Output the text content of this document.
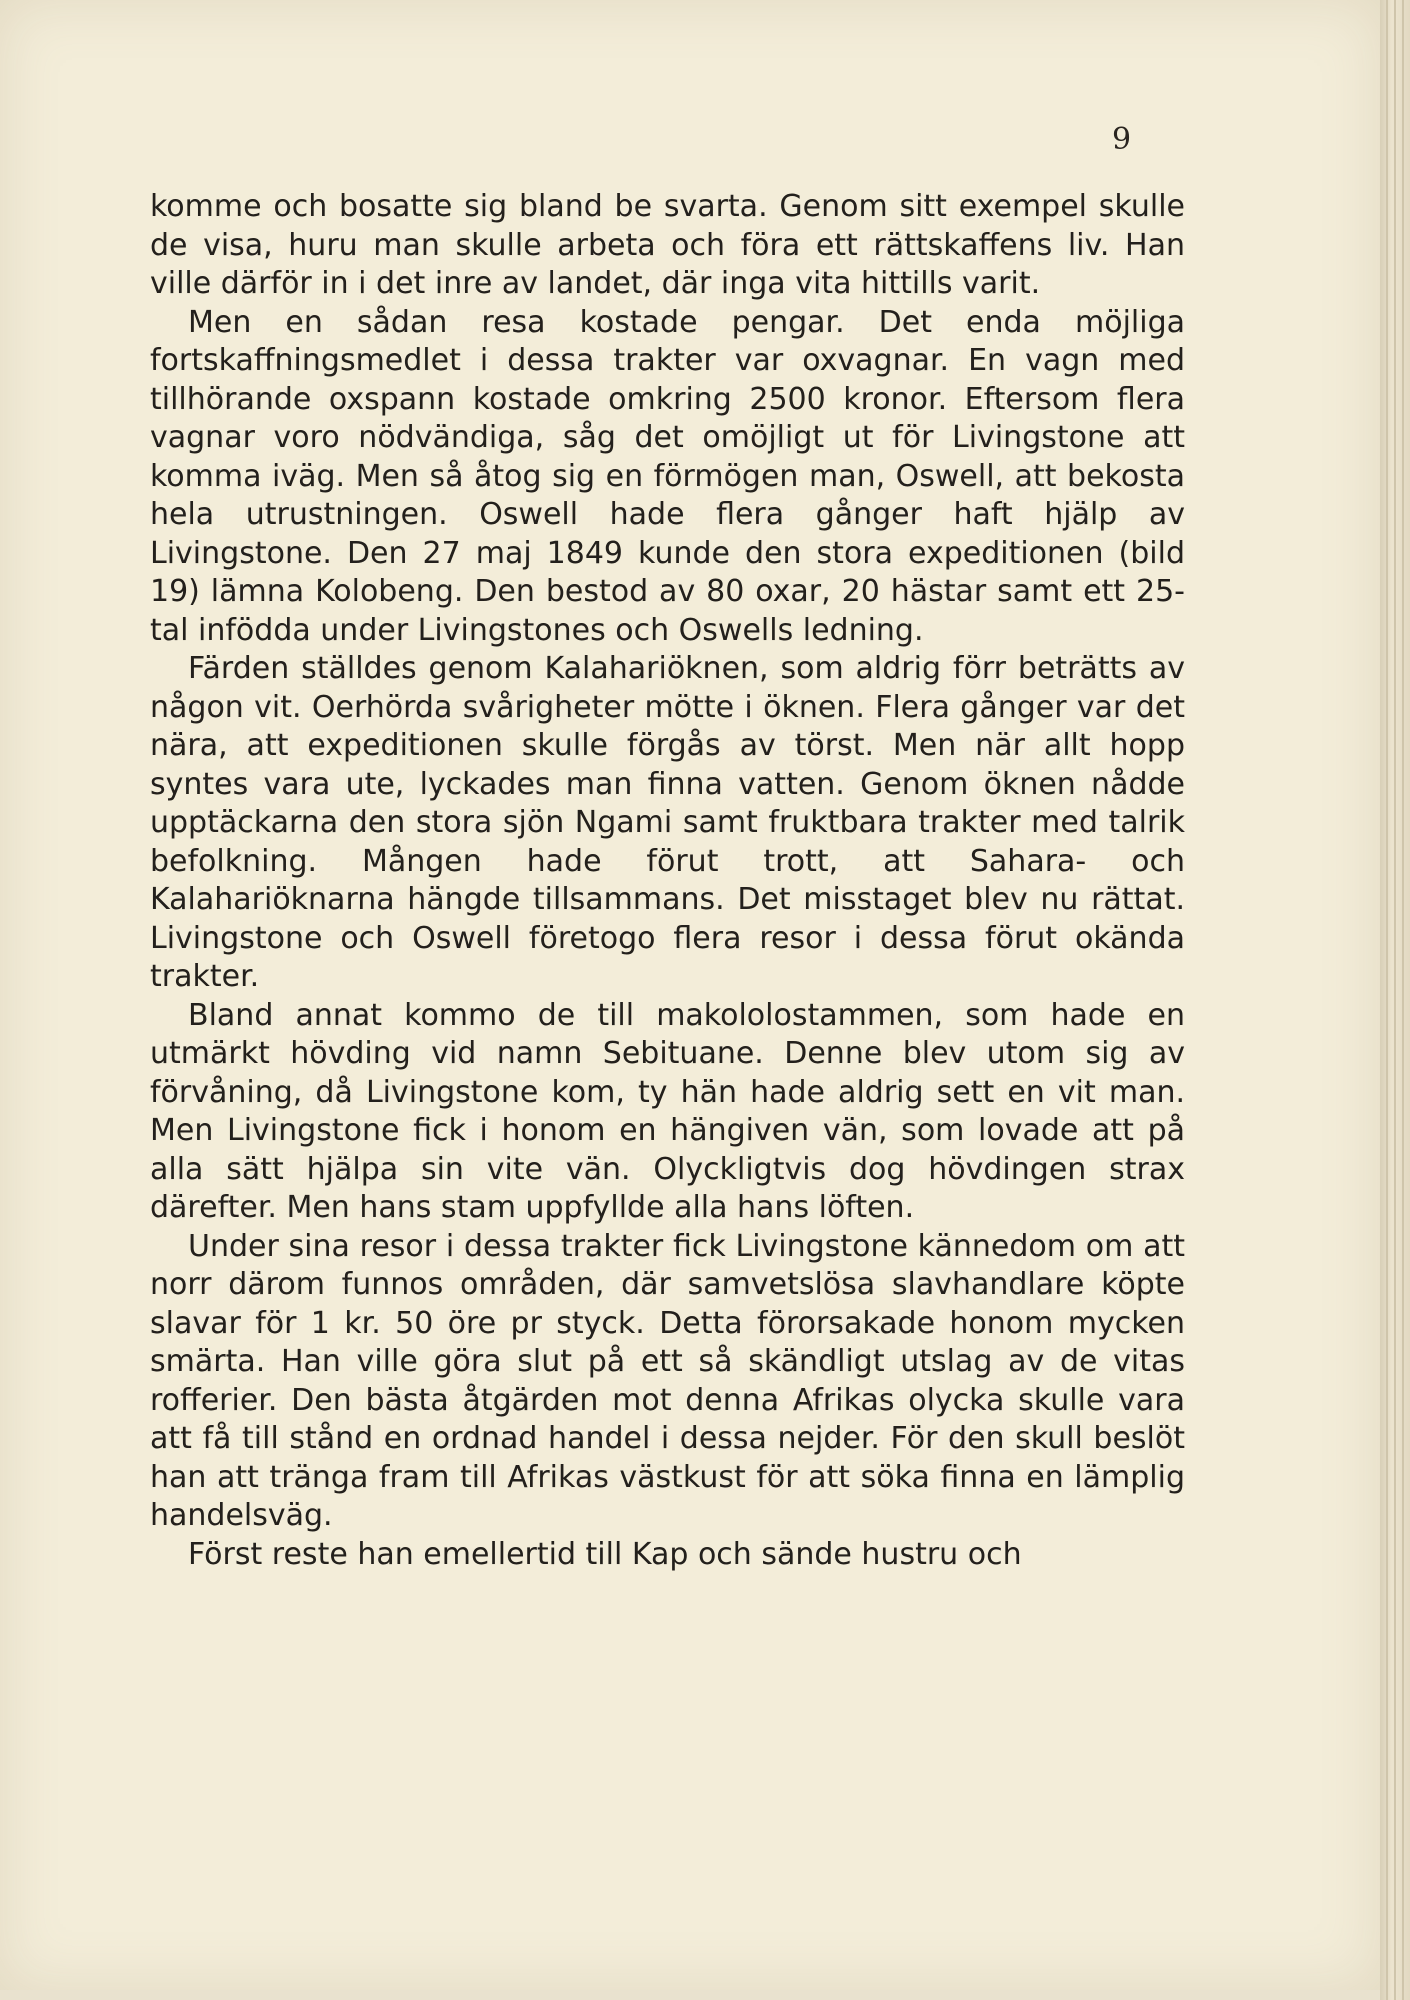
9

komme och bosatte sig bland be svarta. Genom sitt exempel skulle de visa, huru man skulle arbeta och föra ett rättskaffens liv. Han ville därför in i det inre av landet, där inga vita hittills varit.

Men en sådan resa kostade pengar. Det enda möjliga fortskaffningsmedlet i dessa trakter var oxvagnar. En vagn med tillhörande oxspann kostade omkring 2500 kronor. Eftersom flera vagnar voro nödvändiga, såg det omöjligt ut för Livingstone att komma iväg. Men så åtog sig en förmögen man, Oswell, att bekosta hela utrustningen. Oswell hade flera gånger haft hjälp av Livingstone. Den 27 maj 1849 kunde den stora expeditionen (bild 19) lämna Kolobeng. Den bestod av 80 oxar, 20 hästar samt ett 25-tal infödda under Livingstones och Oswells ledning.

Färden ställdes genom Kalahariöknen, som aldrig förr beträtts av någon vit. Oerhörda svårigheter mötte i öknen. Flera gånger var det nära, att expeditionen skulle förgås av törst. Men när allt hopp syntes vara ute, lyckades man finna vatten. Genom öknen nådde upptäckarna den stora sjön Ngami samt fruktbara trakter med talrik befolkning. Mången hade förut trott, att Sahara- och Kalahariöknarna hängde tillsammans. Det misstaget blev nu rättat. Livingstone och Oswell företogo flera resor i dessa förut okända trakter.

Bland annat kommo de till makololostammen, som hade en utmärkt hövding vid namn Sebituane. Denne blev utom sig av förvåning, då Livingstone kom, ty hän hade aldrig sett en vit man. Men Livingstone fick i honom en hängiven vän, som lovade att på alla sätt hjälpa sin vite vän. Olyckligtvis dog hövdingen strax därefter. Men hans stam uppfyllde alla hans löften.

Under sina resor i dessa trakter fick Livingstone kännedom om att norr därom funnos områden, där samvetslösa slavhandlare köpte slavar för 1 kr. 50 öre pr styck. Detta förorsakade honom mycken smärta. Han ville göra slut på ett så skändligt utslag av de vitas rofferier. Den bästa åtgärden mot denna Afrikas olycka skulle vara att få till stånd en ordnad handel i dessa nejder. För den skull beslöt han att tränga fram till Afrikas västkust för att söka finna en lämplig handelsväg.

Först reste han emellertid till Kap och sände hustru och
